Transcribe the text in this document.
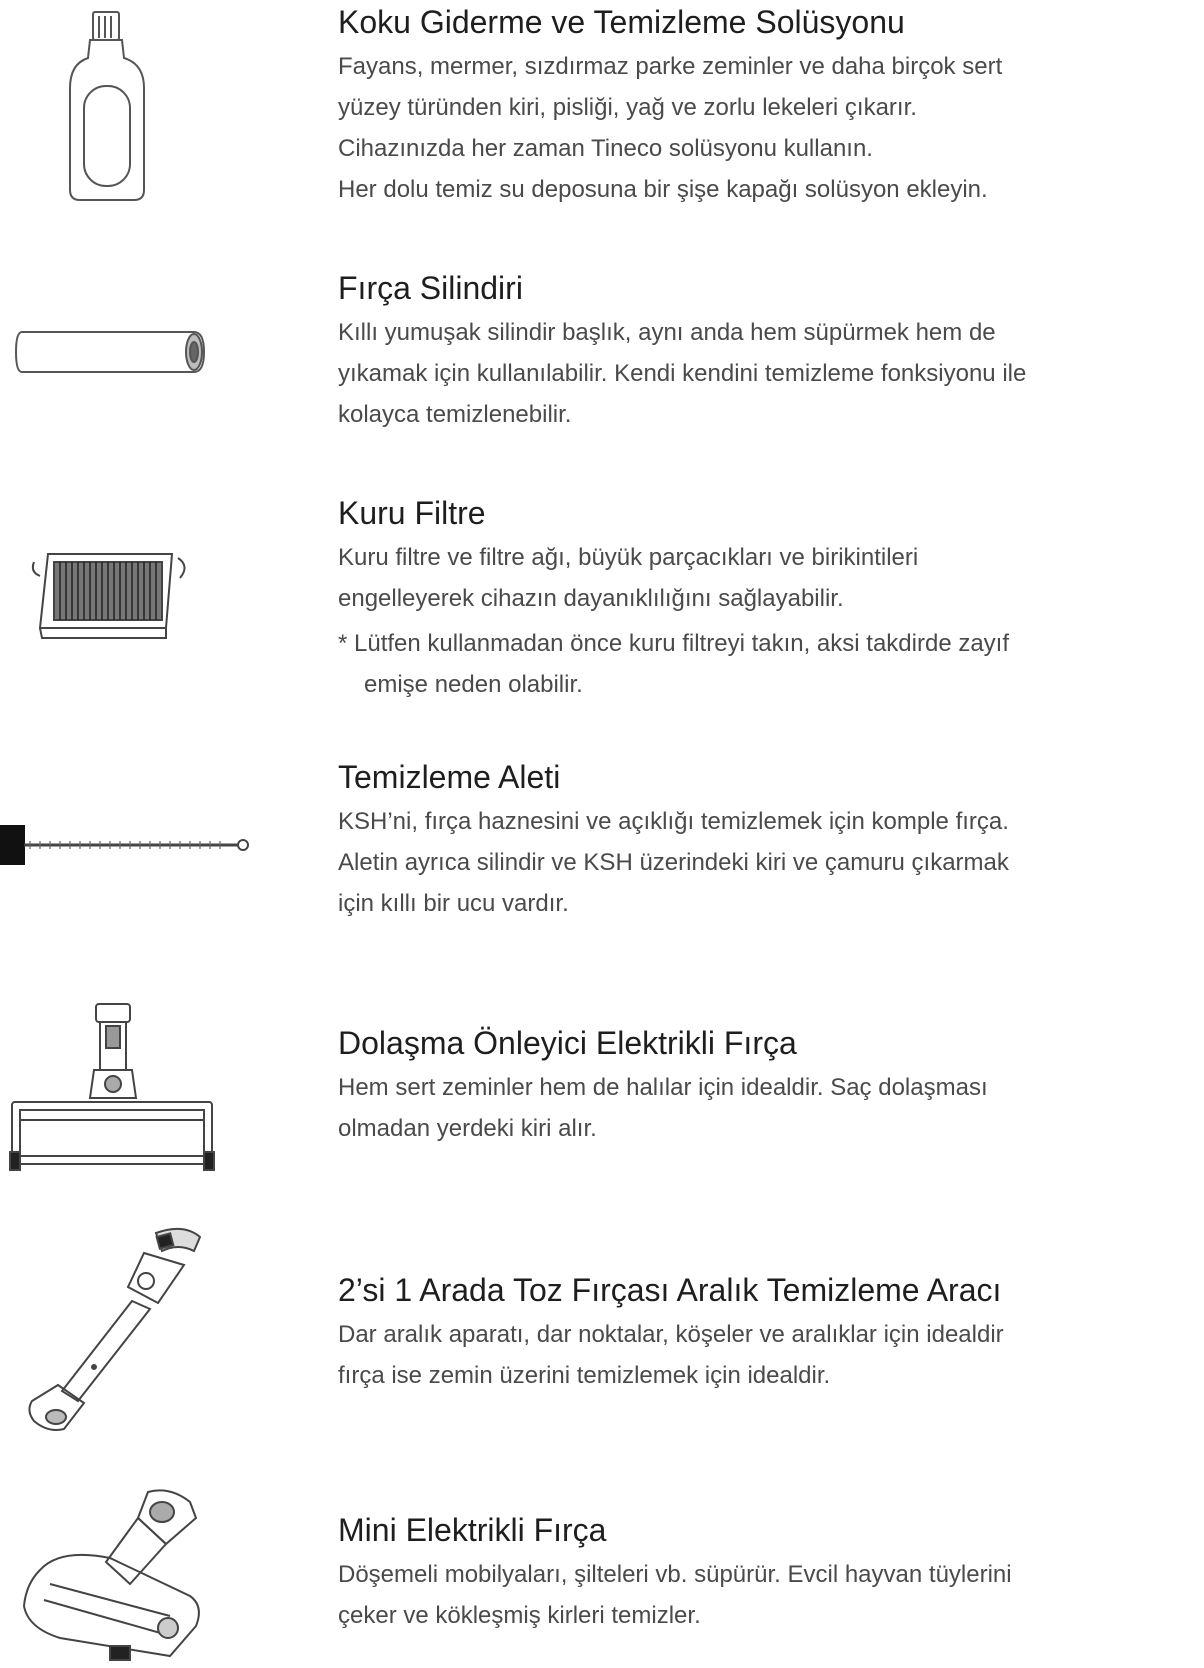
Koku Giderme ve Temizleme Solüsyonu

Fayans, mermer, sızdırmaz parke zeminler ve daha birçok sert

yüzey türünden kiri, pisliği, yağ ve zorlu lekeleri çıkarır.

Cihazınızda her zaman Tineco solüsyonu kullanın.

Her dolu temiz su deposuna bir şişe kapağı solüsyon ekleyin.

Fırça Silindiri

Kıllı yumuşak silindir başlık, aynı anda hem süpürmek hem de

yıkamak için kullanılabilir. Kendi kendini temizleme fonksiyonu ile

kolayca temizlenebilir.

Kuru Filtre

Kuru filtre ve filtre ağı, büyük parçacıkları ve birikintileri

engelleyerek cihazın dayanıklılığını sağlayabilir.

* Lütfen kullanmadan önce kuru filtreyi takın, aksi takdirde zayıf
emişe neden olabilir.
Temizleme Aleti

KSH’ni, fırça haznesini ve açıklığı temizlemek için komple fırça.

Aletin ayrıca silindir ve KSH üzerindeki kiri ve çamuru çıkarmak

için kıllı bir ucu vardır.

Dolaşma Önleyici Elektrikli Fırça

Hem sert zeminler hem de halılar için idealdir. Saç dolaşması

olmadan yerdeki kiri alır.

2’si 1 Arada Toz Fırçası Aralık Temizleme Aracı

Dar aralık aparatı, dar noktalar, köşeler ve aralıklar için idealdir

fırça ise zemin üzerini temizlemek için idealdir.

Mini Elektrikli Fırça

Döşemeli mobilyaları, şilteleri vb. süpürür. Evcil hayvan tüylerini

çeker ve kökleşmiş kirleri temizler.
